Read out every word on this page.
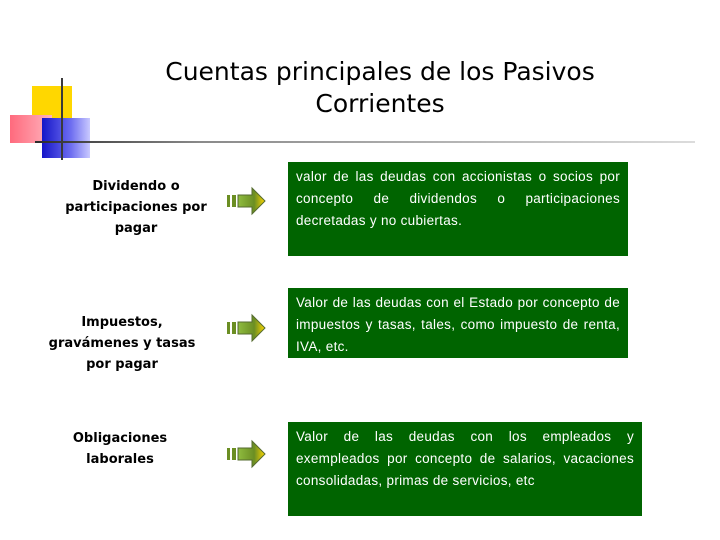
Cuentas principales de los Pasivos
Corrientes
Dividendo o participaciones por pagar
valor de las deudas con accionistas o socios por concepto de dividendos o participaciones decretadas y no cubiertas.
Impuestos, gravámenes y tasas por pagar
Valor de las deudas con el Estado por concepto de impuestos y tasas, tales, como impuesto de renta, IVA, etc.
Obligaciones laborales
Valor de las deudas con los empleados y exempleados por concepto de salarios, vacaciones consolidadas, primas de servicios, etc
